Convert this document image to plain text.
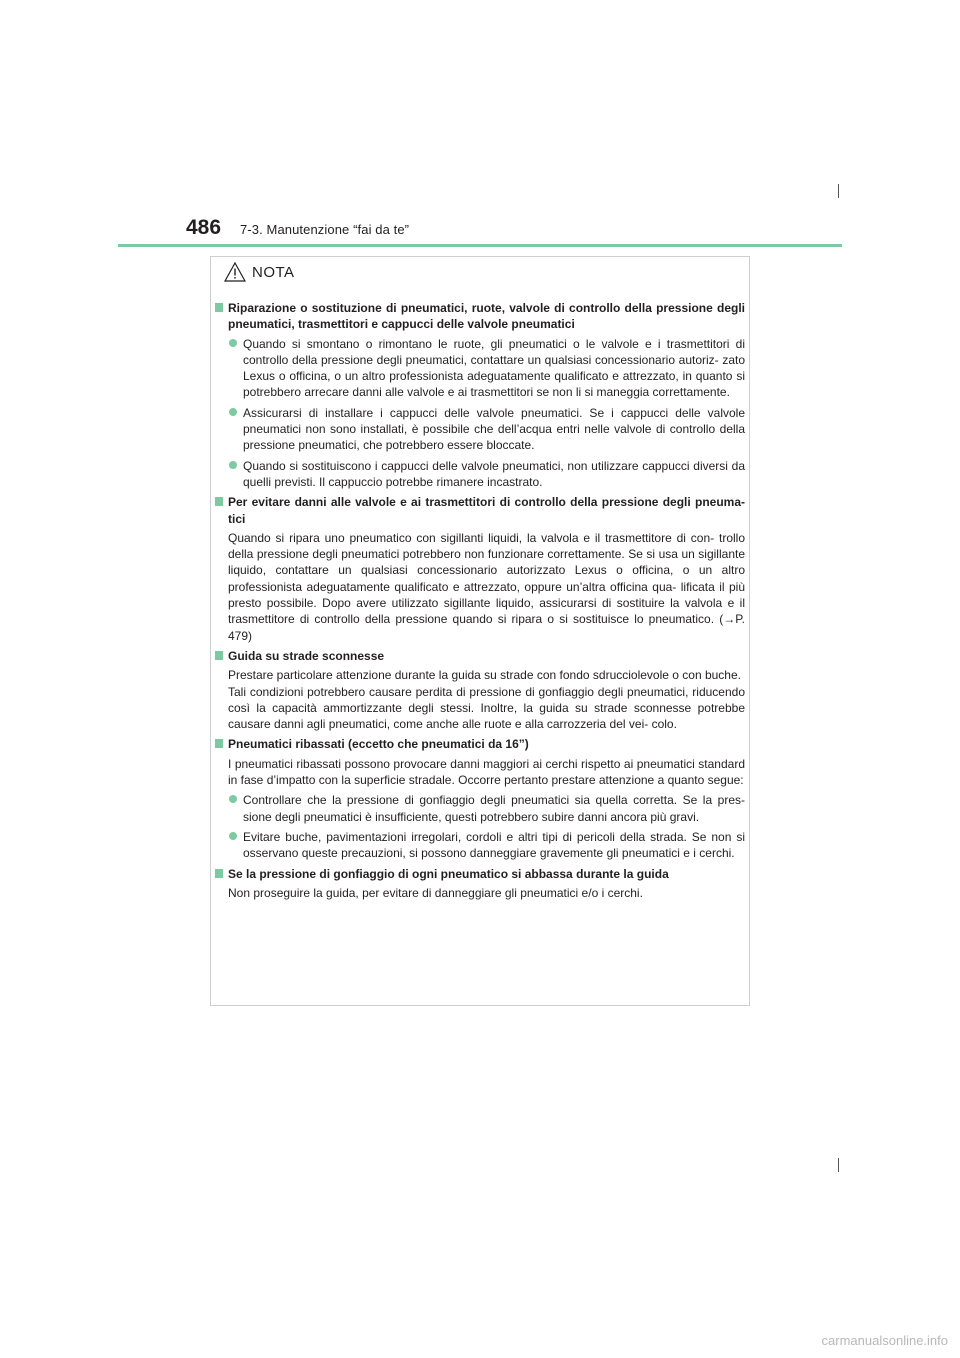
486 7-3. Manutenzione “fai da te”
NOTA
Riparazione o sostituzione di pneumatici, ruote, valvole di controllo della pressione degli pneumatici, trasmettitori e cappucci delle valvole pneumatici
Quando si smontano o rimontano le ruote, gli pneumatici o le valvole e i trasmettitori di controllo della pressione degli pneumatici, contattare un qualsiasi concessionario autoriz- zato Lexus o officina, o un altro professionista adeguatamente qualificato e attrezzato, in quanto si potrebbero arrecare danni alle valvole e ai trasmettitori se non li si maneggia correttamente.
Assicurarsi di installare i cappucci delle valvole pneumatici. Se i cappucci delle valvole pneumatici non sono installati, è possibile che dell’acqua entri nelle valvole di controllo della pressione pneumatici, che potrebbero essere bloccate.
Quando si sostituiscono i cappucci delle valvole pneumatici, non utilizzare cappucci diversi da quelli previsti. Il cappuccio potrebbe rimanere incastrato.
Per evitare danni alle valvole e ai trasmettitori di controllo della pressione degli pneuma- tici
Quando si ripara uno pneumatico con sigillanti liquidi, la valvola e il trasmettitore di con- trollo della pressione degli pneumatici potrebbero non funzionare correttamente. Se si usa un sigillante liquido, contattare un qualsiasi concessionario autorizzato Lexus o officina, o un altro professionista adeguatamente qualificato e attrezzato, oppure un’altra officina qua- lificata il più presto possibile. Dopo avere utilizzato sigillante liquido, assicurarsi di sostituire la valvola e il trasmettitore di controllo della pressione quando si ripara o si sostituisce lo pneumatico. (→P. 479)
Guida su strade sconnesse
Prestare particolare attenzione durante la guida su strade con fondo sdrucciolevole o con buche.
Tali condizioni potrebbero causare perdita di pressione di gonfiaggio degli pneumatici, riducendo così la capacità ammortizzante degli stessi. Inoltre, la guida su strade sconnesse potrebbe causare danni agli pneumatici, come anche alle ruote e alla carrozzeria del vei- colo.
Pneumatici ribassati (eccetto che pneumatici da 16”)
I pneumatici ribassati possono provocare danni maggiori ai cerchi rispetto ai pneumatici standard in fase d’impatto con la superficie stradale. Occorre pertanto prestare attenzione a quanto segue:
Controllare che la pressione di gonfiaggio degli pneumatici sia quella corretta. Se la pres- sione degli pneumatici è insufficiente, questi potrebbero subire danni ancora più gravi.
Evitare buche, pavimentazioni irregolari, cordoli e altri tipi di pericoli della strada. Se non si osservano queste precauzioni, si possono danneggiare gravemente gli pneumatici e i cerchi.
Se la pressione di gonfiaggio di ogni pneumatico si abbassa durante la guida
Non proseguire la guida, per evitare di danneggiare gli pneumatici e/o i cerchi.
carmanualsonline.info
